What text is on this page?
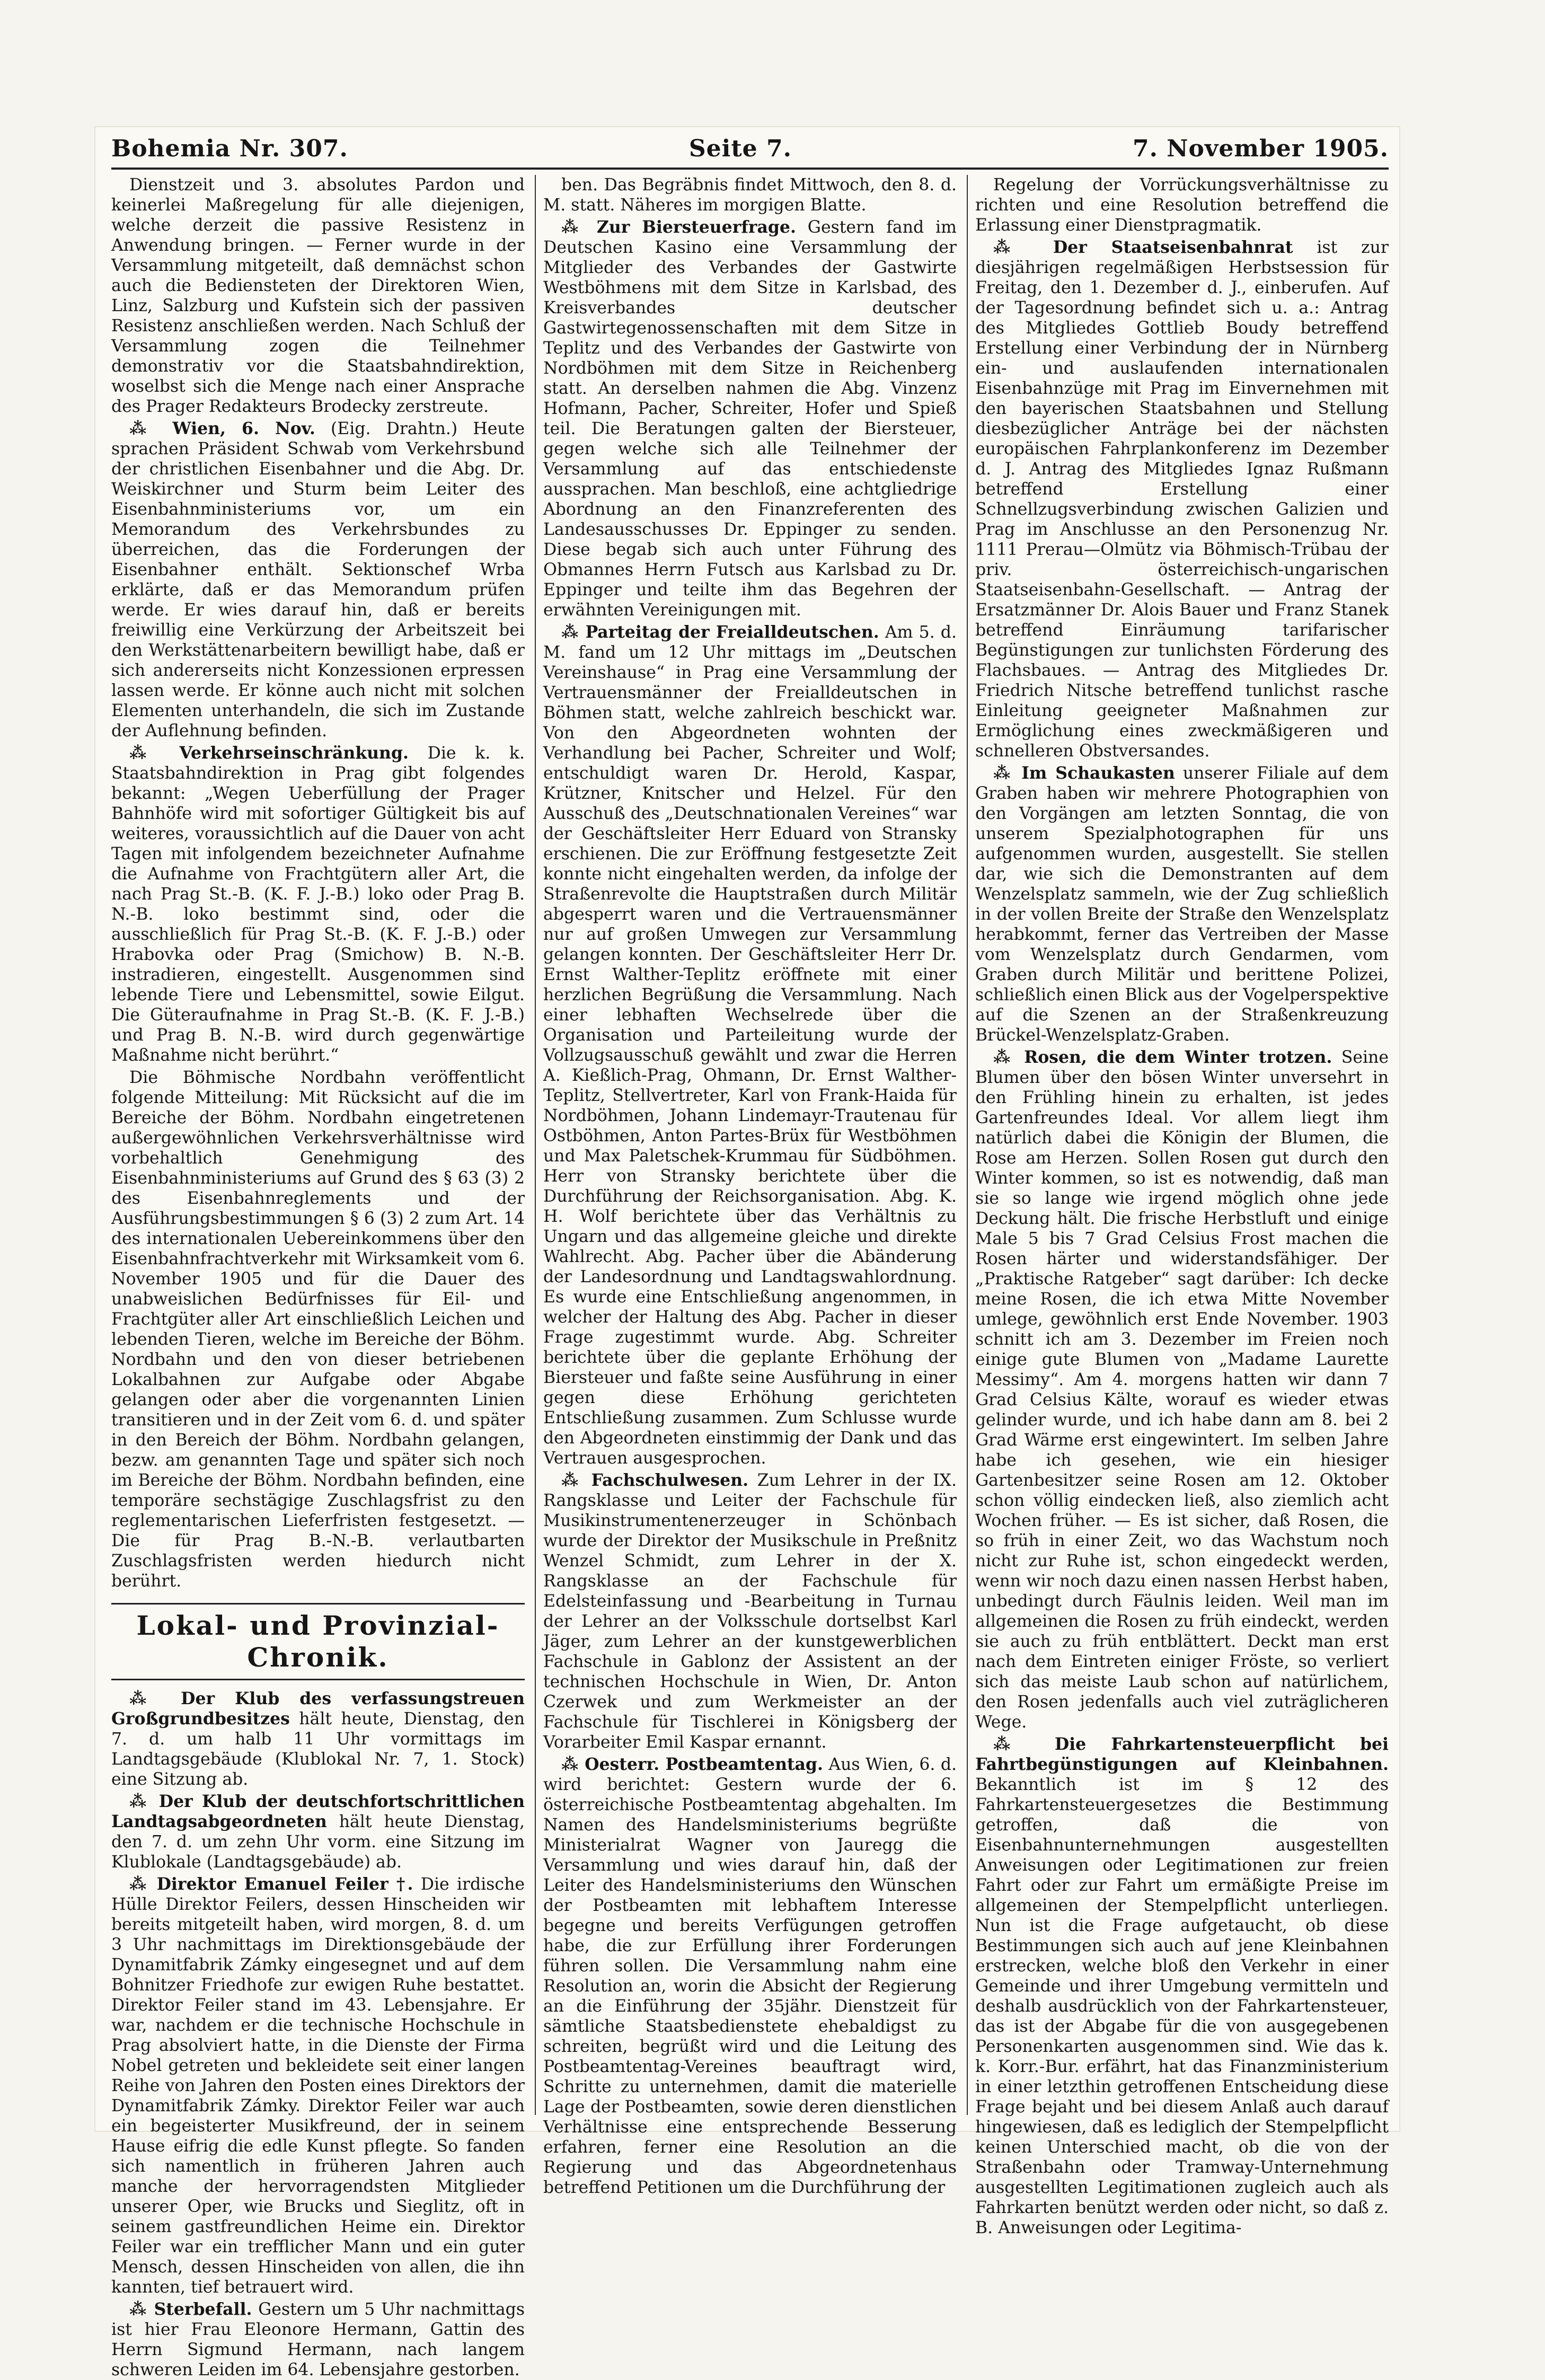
Bohemia Nr. 307.	Seite 7.	7. November 1905.

Dienstzeit und 3. absolutes Pardon und keinerlei Maßregelung für alle diejenigen, welche derzeit die passive Resistenz in Anwendung bringen. — Ferner wurde in der Versammlung mitgeteilt, daß demnächst schon auch die Bediensteten der Direktoren Wien, Linz, Salzburg und Kufstein sich der passiven Resistenz anschließen werden. Nach Schluß der Versammlung zogen die Teilnehmer demonstrativ vor die Staatsbahndirektion, woselbst sich die Menge nach einer Ansprache des Prager Redakteurs Brodecky zerstreute.

⁂ Wien, 6. Nov. (Eig. Drahtn.) Heute sprachen Präsident Schwab vom Verkehrsbund der christlichen Eisenbahner und die Abg. Dr. Weiskirchner und Sturm beim Leiter des Eisenbahnministeriums vor, um ein Memorandum des Verkehrsbundes zu überreichen, das die Forderungen der Eisenbahner enthält. Sektionschef Wrba erklärte, daß er das Memorandum prüfen werde. Er wies darauf hin, daß er bereits freiwillig eine Verkürzung der Arbeitszeit bei den Werkstättenarbeitern bewilligt habe, daß er sich andererseits nicht Konzessionen erpressen lassen werde. Er könne auch nicht mit solchen Elementen unterhandeln, die sich im Zustande der Auflehnung befinden.

⁂ Verkehrseinschränkung. Die k. k. Staatsbahndirektion in Prag gibt folgendes bekannt: „Wegen Ueberfüllung der Prager Bahnhöfe wird mit sofortiger Gültigkeit bis auf weiteres, voraussichtlich auf die Dauer von acht Tagen mit infolgendem bezeichneter Aufnahme die Aufnahme von Frachtgütern aller Art, die nach Prag St.-B. (K. F. J.-B.) loko oder Prag B. N.-B. loko bestimmt sind, oder die ausschließlich für Prag St.-B. (K. F. J.-B.) oder Hrabovka oder Prag (Smichow) B. N.-B. instradieren, eingestellt. Ausgenommen sind lebende Tiere und Lebensmittel, sowie Eilgut. Die Güteraufnahme in Prag St.-B. (K. F. J.-B.) und Prag B. N.-B. wird durch gegenwärtige Maßnahme nicht berührt.“

Die Böhmische Nordbahn veröffentlicht folgende Mitteilung: Mit Rücksicht auf die im Bereiche der Böhm. Nordbahn eingetretenen außergewöhnlichen Verkehrsverhältnisse wird vorbehaltlich Genehmigung des Eisenbahnministeriums auf Grund des § 63 (3) 2 des Eisenbahnreglements und der Ausführungsbestimmungen § 6 (3) 2 zum Art. 14 des internationalen Uebereinkommens über den Eisenbahnfrachtverkehr mit Wirksamkeit vom 6. November 1905 und für die Dauer des unabweislichen Bedürfnisses für Eil- und Frachtgüter aller Art einschließlich Leichen und lebenden Tieren, welche im Bereiche der Böhm. Nordbahn und den von dieser betriebenen Lokalbahnen zur Aufgabe oder Abgabe gelangen oder aber die vorgenannten Linien transitieren und in der Zeit vom 6. d. und später in den Bereich der Böhm. Nordbahn gelangen, bezw. am genannten Tage und später sich noch im Bereiche der Böhm. Nordbahn befinden, eine temporäre sechstägige Zuschlagsfrist zu den reglementarischen Lieferfristen festgesetzt. — Die für Prag B.-N.-B. verlautbarten Zuschlagsfristen werden hiedurch nicht berührt.

Lokal- und Provinzial-Chronik.

⁂ Der Klub des verfassungstreuen Großgrundbesitzes hält heute, Dienstag, den 7. d. um halb 11 Uhr vormittags im Landtagsgebäude (Klublokal Nr. 7, 1. Stock) eine Sitzung ab.

⁂ Der Klub der deutschfortschrittlichen Landtagsabgeordneten hält heute Dienstag, den 7. d. um zehn Uhr vorm. eine Sitzung im Klublokale (Landtagsgebäude) ab.

⁂ Direktor Emanuel Feiler †. Die irdische Hülle Direktor Feilers, dessen Hinscheiden wir bereits mitgeteilt haben, wird morgen, 8. d. um 3 Uhr nachmittags im Direktionsgebäude der Dynamitfabrik Zámky eingesegnet und auf dem Bohnitzer Friedhofe zur ewigen Ruhe bestattet. Direktor Feiler stand im 43. Lebensjahre. Er war, nachdem er die technische Hochschule in Prag absolviert hatte, in die Dienste der Firma Nobel getreten und bekleidete seit einer langen Reihe von Jahren den Posten eines Direktors der Dynamitfabrik Zámky. Direktor Feiler war auch ein begeisterter Musikfreund, der in seinem Hause eifrig die edle Kunst pflegte. So fanden sich namentlich in früheren Jahren auch manche der hervorragendsten Mitglieder unserer Oper, wie Brucks und Sieglitz, oft in seinem gastfreundlichen Heime ein. Direktor Feiler war ein trefflicher Mann und ein guter Mensch, dessen Hinscheiden von allen, die ihn kannten, tief betrauert wird.

⁂ Sterbefall. Gestern um 5 Uhr nachmittags ist hier Frau Eleonore Hermann, Gattin des Herrn Sigmund Hermann, nach langem schweren Leiden im 64. Lebensjahre gestorben.

ben. Das Begräbnis findet Mittwoch, den 8. d. M. statt. Näheres im morgigen Blatte.

⁂ Zur Biersteuerfrage. Gestern fand im Deutschen Kasino eine Versammlung der Mitglieder des Verbandes der Gastwirte Westböhmens mit dem Sitze in Karlsbad, des Kreisverbandes deutscher Gastwirtegenossenschaften mit dem Sitze in Teplitz und des Verbandes der Gastwirte von Nordböhmen mit dem Sitze in Reichenberg statt. An derselben nahmen die Abg. Vinzenz Hofmann, Pacher, Schreiter, Hofer und Spieß teil. Die Beratungen galten der Biersteuer, gegen welche sich alle Teilnehmer der Versammlung auf das entschiedenste aussprachen. Man beschloß, eine achtgliedrige Abordnung an den Finanzreferenten des Landesausschusses Dr. Eppinger zu senden. Diese begab sich auch unter Führung des Obmannes Herrn Futsch aus Karlsbad zu Dr. Eppinger und teilte ihm das Begehren der erwähnten Vereinigungen mit.

⁂ Parteitag der Freialldeutschen. Am 5. d. M. fand um 12 Uhr mittags im „Deutschen Vereinshause“ in Prag eine Versammlung der Vertrauensmänner der Freialldeutschen in Böhmen statt, welche zahlreich beschickt war. Von den Abgeordneten wohnten der Verhandlung bei Pacher, Schreiter und Wolf; entschuldigt waren Dr. Herold, Kaspar, Krützner, Knitscher und Helzel. Für den Ausschuß des „Deutschnationalen Vereines“ war der Geschäftsleiter Herr Eduard von Stransky erschienen. Die zur Eröffnung festgesetzte Zeit konnte nicht eingehalten werden, da infolge der Straßenrevolte die Hauptstraßen durch Militär abgesperrt waren und die Vertrauensmänner nur auf großen Umwegen zur Versammlung gelangen konnten. Der Geschäftsleiter Herr Dr. Ernst Walther-Teplitz eröffnete mit einer herzlichen Begrüßung die Versammlung. Nach einer lebhaften Wechselrede über die Organisation und Parteileitung wurde der Vollzugsausschuß gewählt und zwar die Herren A. Kießlich-Prag, Ohmann, Dr. Ernst Walther-Teplitz, Stellvertreter, Karl von Frank-Haida für Nordböhmen, Johann Lindemayr-Trautenau für Ostböhmen, Anton Partes-Brüx für Westböhmen und Max Paletschek-Krummau für Südböhmen. Herr von Stransky berichtete über die Durchführung der Reichsorganisation. Abg. K. H. Wolf berichtete über das Verhältnis zu Ungarn und das allgemeine gleiche und direkte Wahlrecht. Abg. Pacher über die Abänderung der Landesordnung und Landtagswahlordnung. Es wurde eine Entschließung angenommen, in welcher der Haltung des Abg. Pacher in dieser Frage zugestimmt wurde. Abg. Schreiter berichtete über die geplante Erhöhung der Biersteuer und faßte seine Ausführung in einer gegen diese Erhöhung gerichteten Entschließung zusammen. Zum Schlusse wurde den Abgeordneten einstimmig der Dank und das Vertrauen ausgesprochen.

⁂ Fachschulwesen. Zum Lehrer in der IX. Rangsklasse und Leiter der Fachschule für Musikinstrumentenerzeuger in Schönbach wurde der Direktor der Musikschule in Preßnitz Wenzel Schmidt, zum Lehrer in der X. Rangsklasse an der Fachschule für Edelsteinfassung und -Bearbeitung in Turnau der Lehrer an der Volksschule dortselbst Karl Jäger, zum Lehrer an der kunstgewerblichen Fachschule in Gablonz der Assistent an der technischen Hochschule in Wien, Dr. Anton Czerwek und zum Werkmeister an der Fachschule für Tischlerei in Königsberg der Vorarbeiter Emil Kaspar ernannt.

⁂ Oesterr. Postbeamtentag. Aus Wien, 6. d. wird berichtet: Gestern wurde der 6. österreichische Postbeamtentag abgehalten. Im Namen des Handelsministeriums begrüßte Ministerialrat Wagner von Jauregg die Versammlung und wies darauf hin, daß der Leiter des Handelsministeriums den Wünschen der Postbeamten mit lebhaftem Interesse begegne und bereits Verfügungen getroffen habe, die zur Erfüllung ihrer Forderungen führen sollen. Die Versammlung nahm eine Resolution an, worin die Absicht der Regierung an die Einführung der 35jähr. Dienstzeit für sämtliche Staatsbedienstete ehebaldigst zu schreiten, begrüßt wird und die Leitung des Postbeamtentag-Vereines beauftragt wird, Schritte zu unternehmen, damit die materielle Lage der Postbeamten, sowie deren dienstlichen Verhältnisse eine entsprechende Besserung erfahren, ferner eine Resolution an die Regierung und das Abgeordnetenhaus betreffend Petitionen um die Durchführung der

Regelung der Vorrückungsverhältnisse zu richten und eine Resolution betreffend die Erlassung einer Dienstpragmatik.

⁂ Der Staatseisenbahnrat ist zur diesjährigen regelmäßigen Herbstsession für Freitag, den 1. Dezember d. J., einberufen. Auf der Tagesordnung befindet sich u. a.: Antrag des Mitgliedes Gottlieb Boudy betreffend Erstellung einer Verbindung der in Nürnberg ein- und auslaufenden internationalen Eisenbahnzüge mit Prag im Einvernehmen mit den bayerischen Staatsbahnen und Stellung diesbezüglicher Anträge bei der nächsten europäischen Fahrplankonferenz im Dezember d. J. Antrag des Mitgliedes Ignaz Rußmann betreffend Erstellung einer Schnellzugsverbindung zwischen Galizien und Prag im Anschlusse an den Personenzug Nr. 1111 Prerau—Olmütz via Böhmisch-Trübau der priv. österreichisch-ungarischen Staatseisenbahn-Gesellschaft. — Antrag der Ersatzmänner Dr. Alois Bauer und Franz Stanek betreffend Einräumung tarifarischer Begünstigungen zur tunlichsten Förderung des Flachsbaues. — Antrag des Mitgliedes Dr. Friedrich Nitsche betreffend tunlichst rasche Einleitung geeigneter Maßnahmen zur Ermöglichung eines zweckmäßigeren und schnelleren Obstversandes.

⁂ Im Schaukasten unserer Filiale auf dem Graben haben wir mehrere Photographien von den Vorgängen am letzten Sonntag, die von unserem Spezialphotographen für uns aufgenommen wurden, ausgestellt. Sie stellen dar, wie sich die Demonstranten auf dem Wenzelsplatz sammeln, wie der Zug schließlich in der vollen Breite der Straße den Wenzelsplatz herabkommt, ferner das Vertreiben der Masse vom Wenzelsplatz durch Gendarmen, vom Graben durch Militär und berittene Polizei, schließlich einen Blick aus der Vogelperspektive auf die Szenen an der Straßenkreuzung Brückel-Wenzelsplatz-Graben.

⁂ Rosen, die dem Winter trotzen. Seine Blumen über den bösen Winter unversehrt in den Frühling hinein zu erhalten, ist jedes Gartenfreundes Ideal. Vor allem liegt ihm natürlich dabei die Königin der Blumen, die Rose am Herzen. Sollen Rosen gut durch den Winter kommen, so ist es notwendig, daß man sie so lange wie irgend möglich ohne jede Deckung hält. Die frische Herbstluft und einige Male 5 bis 7 Grad Celsius Frost machen die Rosen härter und widerstandsfähiger. Der „Praktische Ratgeber“ sagt darüber: Ich decke meine Rosen, die ich etwa Mitte November umlege, gewöhnlich erst Ende November. 1903 schnitt ich am 3. Dezember im Freien noch einige gute Blumen von „Madame Laurette Messimy“. Am 4. morgens hatten wir dann 7 Grad Celsius Kälte, worauf es wieder etwas gelinder wurde, und ich habe dann am 8. bei 2 Grad Wärme erst eingewintert. Im selben Jahre habe ich gesehen, wie ein hiesiger Gartenbesitzer seine Rosen am 12. Oktober schon völlig eindecken ließ, also ziemlich acht Wochen früher. — Es ist sicher, daß Rosen, die so früh in einer Zeit, wo das Wachstum noch nicht zur Ruhe ist, schon eingedeckt werden, wenn wir noch dazu einen nassen Herbst haben, unbedingt durch Fäulnis leiden. Weil man im allgemeinen die Rosen zu früh eindeckt, werden sie auch zu früh entblättert. Deckt man erst nach dem Eintreten einiger Fröste, so verliert sich das meiste Laub schon auf natürlichem, den Rosen jedenfalls auch viel zuträglicheren Wege.

⁂ Die Fahrkartensteuerpflicht bei Fahrtbegünstigungen auf Kleinbahnen. Bekanntlich ist im § 12 des Fahrkartensteuergesetzes die Bestimmung getroffen, daß die von Eisenbahnunternehmungen ausgestellten Anweisungen oder Legitimationen zur freien Fahrt oder zur Fahrt um ermäßigte Preise im allgemeinen der Stempelpflicht unterliegen. Nun ist die Frage aufgetaucht, ob diese Bestimmungen sich auch auf jene Kleinbahnen erstrecken, welche bloß den Verkehr in einer Gemeinde und ihrer Umgebung vermitteln und deshalb ausdrücklich von der Fahrkartensteuer, das ist der Abgabe für die von ausgegebenen Personenkarten ausgenommen sind. Wie das k. k. Korr.-Bur. erfährt, hat das Finanzministerium in einer letzthin getroffenen Entscheidung diese Frage bejaht und bei diesem Anlaß auch darauf hingewiesen, daß es lediglich der Stempelpflicht keinen Unterschied macht, ob die von der Straßenbahn oder Tramway-Unternehmung ausgestellten Legitimationen zugleich auch als Fahrkarten benützt werden oder nicht, so daß z. B. Anweisungen oder Legitima-
